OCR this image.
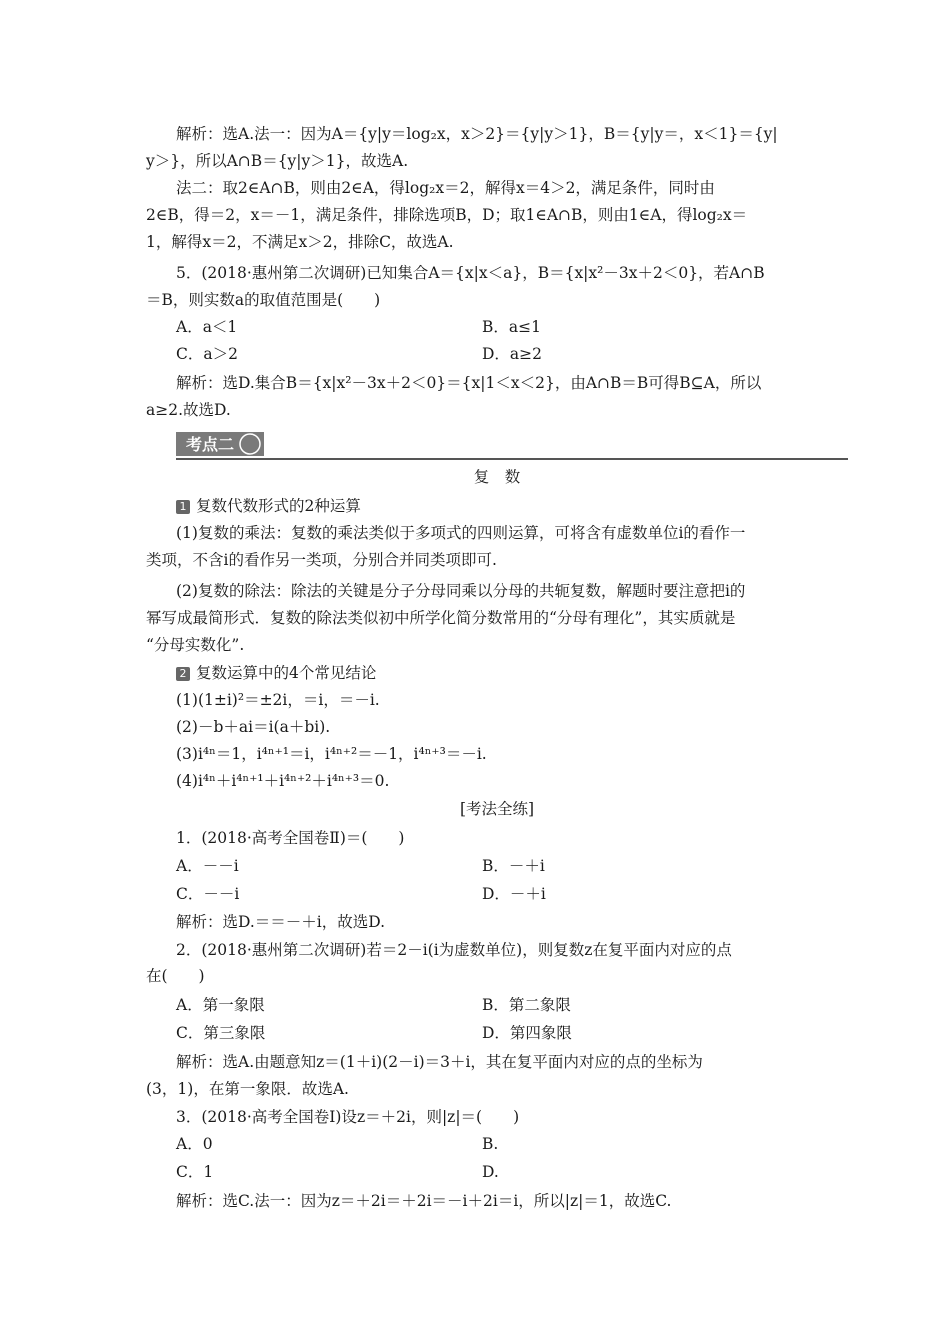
解析：选A.法一：因为A＝{y|y＝log₂x，x＞2}＝{y|y＞1}，B＝{y|y＝，x＜1}＝{y|
y＞}，所以A∩B＝{y|y＞1}，故选A.
法二：取2∈A∩B，则由2∈A，得log₂x＝2，解得x＝4＞2，满足条件，同时由
2∈B，得＝2，x＝－1，满足条件，排除选项B，D；取1∈A∩B，则由1∈A，得log₂x＝
1，解得x＝2，不满足x＞2，排除C，故选A.
5．(2018·惠州第二次调研)已知集合A＝{x|x＜a}，B＝{x|x²－3x＋2＜0}，若A∩B
＝B，则实数a的取值范围是(　　)
A．a＜1	B．a≤1
C．a＞2	D．a≥2
解析：选D.集合B＝{x|x²－3x＋2＜0}＝{x|1＜x＜2}，由A∩B＝B可得B⊆A，所以
a≥2.故选D.
考点二
复　数
1 复数代数形式的2种运算
(1)复数的乘法：复数的乘法类似于多项式的四则运算，可将含有虚数单位i的看作一
类项，不含i的看作另一类项，分别合并同类项即可.
(2)复数的除法：除法的关键是分子分母同乘以分母的共轭复数，解题时要注意把i的
幂写成最简形式．复数的除法类似初中所学化简分数常用的“分母有理化”，其实质就是
“分母实数化”.
2 复数运算中的4个常见结论
(1)(1±i)²＝±2i，＝i，＝－i.
(2)－b＋ai＝i(a＋bi).
(3)i⁴ⁿ＝1，i⁴ⁿ⁺¹＝i，i⁴ⁿ⁺²＝－1，i⁴ⁿ⁺³＝－i.
(4)i⁴ⁿ＋i⁴ⁿ⁺¹＋i⁴ⁿ⁺²＋i⁴ⁿ⁺³＝0.
[考法全练]
1．(2018·高考全国卷Ⅱ)＝(　　)
A．－－i	B．－＋i
C．－－i	D．－＋i
解析：选D.＝＝－＋i，故选D.
2．(2018·惠州第二次调研)若＝2－i(i为虚数单位)，则复数z在复平面内对应的点
在(　　)
A．第一象限	B．第二象限
C．第三象限	D．第四象限
解析：选A.由题意知z＝(1＋i)(2－i)＝3＋i，其在复平面内对应的点的坐标为
(3，1)，在第一象限．故选A.
3．(2018·高考全国卷Ⅰ)设z＝＋2i，则|z|＝(　　)
A．0	B.
C．1	D.
解析：选C.法一：因为z＝＋2i＝＋2i＝－i＋2i＝i，所以|z|＝1，故选C.
